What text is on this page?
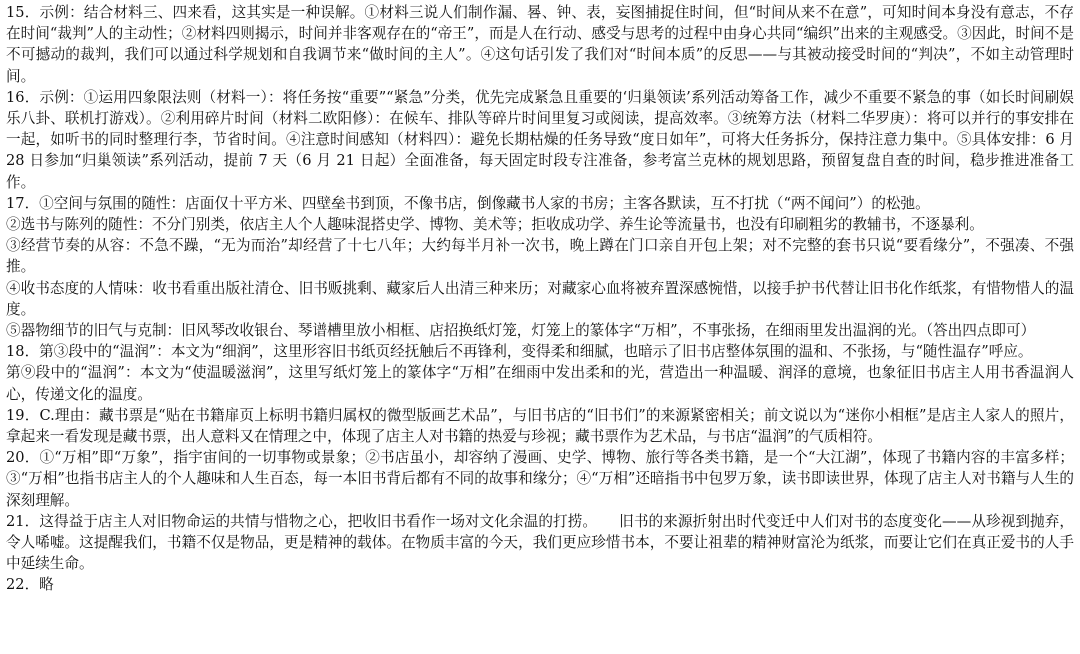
15．示例：结合材料三、四来看，这其实是一种误解。①材料三说人们制作漏、晷、钟、表，妄图捕捉住时间，但“时间从来不在意”，可知时间本身没有意志，不存在时间“裁判”人的主动性；②材料四则揭示，时间并非客观存在的“帝王”，而是人在行动、感受与思考的过程中由身心共同“编织”出来的主观感受。③因此，时间不是不可撼动的裁判，我们可以通过科学规划和自我调节来“做时间的主人”。④这句话引发了我们对“时间本质”的反思——与其被动接受时间的“判决”，不如主动管理时间。

16．示例：①运用四象限法则（材料一）：将任务按“重要”“紧急”分类，优先完成紧急且重要的‘归巢领读’系列活动筹备工作，减少不重要不紧急的事（如长时间刷娱乐八卦、联机打游戏）。②利用碎片时间（材料二欧阳修）：在候车、排队等碎片时间里复习或阅读，提高效率。③统筹方法（材料二华罗庚）：将可以并行的事安排在一起，如听书的同时整理行李，节省时间。④注意时间感知（材料四）：避免长期枯燥的任务导致“度日如年”，可将大任务拆分，保持注意力集中。⑤具体安排：6 月 28 日参加“归巢领读”系列活动，提前 7 天（6 月 21 日起）全面准备，每天固定时段专注准备，参考富兰克林的规划思路，预留复盘自查的时间，稳步推进准备工作。

17．①空间与氛围的随性：店面仅十平方米、四壁垒书到顶，不像书店，倒像藏书人家的书房；主客各默读，互不打扰（“两不闻问”）的松弛。
②选书与陈列的随性：不分门别类，依店主人个人趣味混搭史学、博物、美术等；拒收成功学、养生论等流量书，也没有印刷粗劣的教辅书，不逐暴利。
③经营节奏的从容：不急不躁，“无为而治”却经营了十七八年；大约每半月补一次书，晚上蹲在门口亲自开包上架；对不完整的套书只说“要看缘分”，不强凑、不强推。
④收书态度的人情味：收书看重出版社清仓、旧书贩挑剩、藏家后人出清三种来历；对藏家心血将被弃置深感惋惜，以接手护书代替让旧书化作纸浆，有惜物惜人的温度。
⑤器物细节的旧气与克制：旧风琴改收银台、琴谱槽里放小相框、店招换纸灯笼，灯笼上的篆体字“万相”，不事张扬，在细雨里发出温润的光。（答出四点即可）

18．第③段中的“温润”：本文为“细润”，这里形容旧书纸页经抚触后不再锋利，变得柔和细腻，也暗示了旧书店整体氛围的温和、不张扬，与“随性温存”呼应。
第⑨段中的“温润”：本文为“使温暖滋润”，这里写纸灯笼上的篆体字“万相”在细雨中发出柔和的光，营造出一种温暖、润泽的意境，也象征旧书店主人用书香温润人心，传递文化的温度。

19．C.理由：藏书票是“贴在书籍扉页上标明书籍归属权的微型版画艺术品”，与旧书店的“旧书们”的来源紧密相关；前文说以为“迷你小相框”是店主人家人的照片，拿起来一看发现是藏书票，出人意料又在情理之中，体现了店主人对书籍的热爱与珍视；藏书票作为艺术品，与书店“温润”的气质相符。

20．①“万相”即“万象”，指宇宙间的一切事物或景象；②书店虽小，却容纳了漫画、史学、博物、旅行等各类书籍，是一个“大江湖”，体现了书籍内容的丰富多样；③“万相”也指书店主人的个人趣味和人生百态，每一本旧书背后都有不同的故事和缘分；④“万相”还暗指书中包罗万象，读书即读世界，体现了店主人对书籍与人生的深刻理解。

21．这得益于店主人对旧物命运的共情与惜物之心，把收旧书看作一场对文化余温的打捞。　　旧书的来源折射出时代变迁中人们对书的态度变化——从珍视到抛弃，令人唏嘘。这提醒我们，书籍不仅是物品，更是精神的载体。在物质丰富的今天，我们更应珍惜书本，不要让祖辈的精神财富沦为纸浆，而要让它们在真正爱书的人手中延续生命。

22．略
